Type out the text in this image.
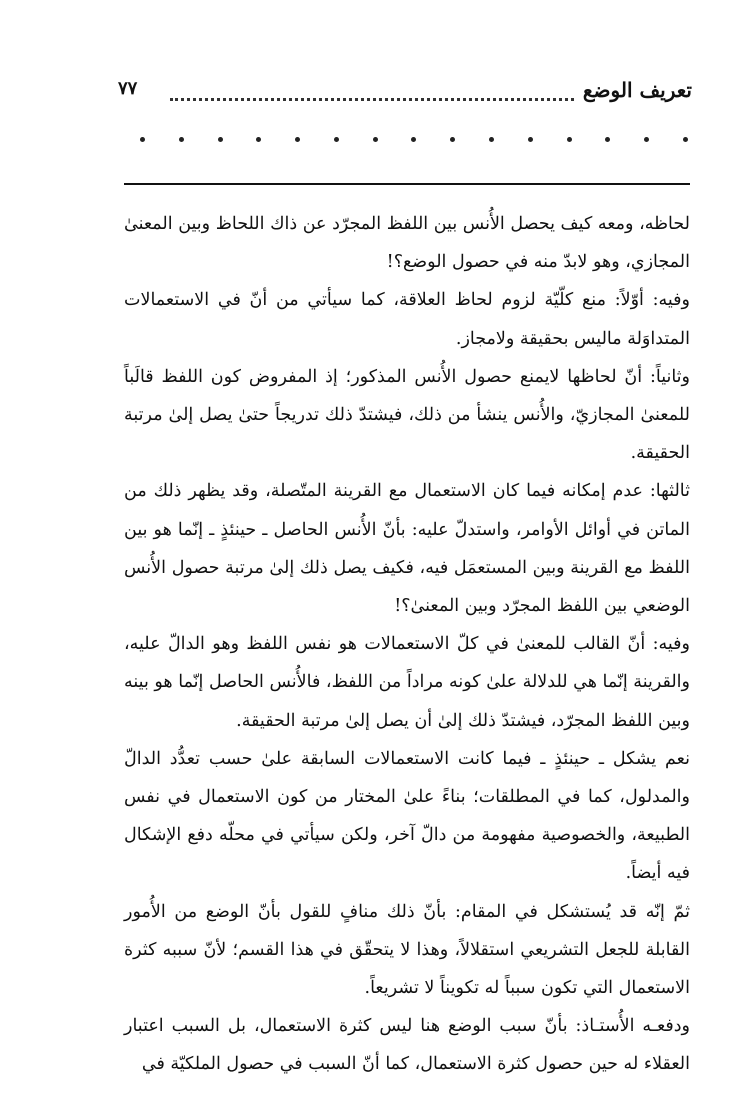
تعريف الوضع
٧٧

لحاظه، ومعه كيف يحصل الأُنس بين اللفظ المجرّد عن ذاك اللحاظ وبين المعنىٰ المجازي، وهو لابدّ منه في حصول الوضع؟!

وفيه: أوّلاً: منع كلّيّة لزوم لحاظ العلاقة، كما سيأتي من أنّ في الاستعمالات المتداوَلة ماليس بحقيقة ولامجاز.

وثانياً: أنّ لحاظها لايمنع حصول الأُنس المذكور؛ إذ المفروض كون اللفظ قالَباً للمعنىٰ المجازيّ، والأُنس ينشأ من ذلك، فيشتدّ ذلك تدريجاً حتىٰ يصل إلىٰ مرتبة الحقيقة.

ثالثها: عدم إمكانه فيما كان الاستعمال مع القرينة المتّصلة، وقد يظهر ذلك من الماتن في أوائل الأوامر، واستدلّ عليه: بأنّ الأُنس الحاصل ـ حينئذٍ ـ إنّما هو بين اللفظ مع القرينة وبين المستعمَل فيه، فكيف يصل ذلك إلىٰ مرتبة حصول الأُنس الوضعي بين اللفظ المجرّد وبين المعنىٰ؟!

وفيه: أنّ القالب للمعنىٰ في كلّ الاستعمالات هو نفس اللفظ وهو الدالّ عليه، والقرينة إنّما هي للدلالة علىٰ كونه مراداً من اللفظ، فالأُنس الحاصل إنّما هو بينه وبين اللفظ المجرّد، فيشتدّ ذلك إلىٰ أن يصل إلىٰ مرتبة الحقيقة.

نعم يشكل ـ حينئذٍ ـ فيما كانت الاستعمالات السابقة علىٰ حسب تعدُّد الدالّ والمدلول، كما في المطلقات؛ بناءً علىٰ المختار من كون الاستعمال في نفس الطبيعة، والخصوصية مفهومة من دالّ آخر، ولكن سيأتي في محلّه دفع الإشكال فيه أيضاً.

ثمّ إنّه قد يُستشكل في المقام: بأنّ ذلك منافٍ للقول بأنّ الوضع من الأُمور القابلة للجعل التشريعي استقلالاً، وهذا لا يتحقّق في هذا القسم؛ لأنّ سببه كثرة الاستعمال التي تكون سبباً له تكويناً لا تشريعاً.

ودفعـه الأُستـاذ: بأنّ سبب الوضع هنا ليس كثرة الاستعمال، بل السبب اعتبار العقلاء له حين حصول كثرة الاستعمال، كما أنّ السبب في حصول الملكيّة في
